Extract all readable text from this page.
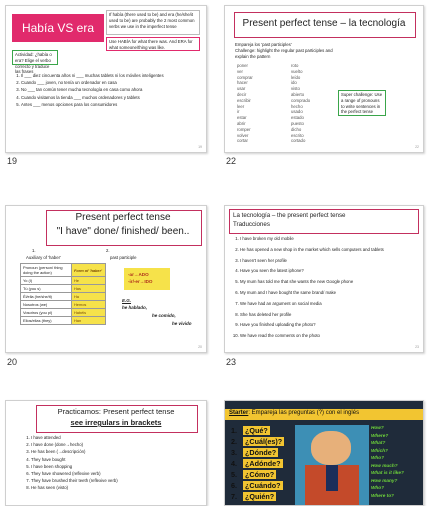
Había VS era
If había (there used to be) and era (he/she/it used to be) are probably the 2 most common verbs we use in the imperfect tense
Use HABÍA for what there was. And ERA for what someone/thing was like.
Actividad: ¿había o era? Elige el verbo correcto y traduce las frases
1. Il ___ diez cincuenta años ni ___ muchas tablets ni los móviles inteligentes
2. Cuando ___ joven, no tenía un ordenador en casa
3. No ___ tan común tener mucha tecnología en casa como ahora
4. Cuando visitamos la tienda ___ muchos ordenadores y tablets
5. Antes ___ menos opciones para los consumidores
19
19
Present perfect tense – la tecnología
Empareja los 'past participles'
Challenge: highlight the regular past participles and explain the pattern
poner
ver
comprar
hacer
usar
decir
escribir
leer
ir
estar
abrir
romper
volver
cortar
roto
vuelto
leído
ido
visto
abierto
comprado
hecho
usado
estado
puesto
dicho
escrito
cortado
Super challenge: Use a range of pronouns to write sentences in the perfect tense
22
22
Present perfect tense
"I have" done/ finished/ been..
1.	2.
Auxiliary of 'haber'	past participle
Pronoun (person/ thing doing the action)	Form of 'haber'
Yo (I)	He
Tú (you s)	Has
Él/ella (he/she/it)	Ha
Nosotros (we)	Hemos
Vosotros (you pl)	Habéis
Ellos/ellas (they)	Han
-ar→ADO
-ir/-er→IDO
E.G.
he hablado,
he comido,
he vivido
20
20
La tecnología – the present perfect tense
Traducciones
1. I have broken my old mobile
2. He has opened a new shop in the market which sells computers and tablets
3. I haven't seen her profile
4. Have you seen the latest iphone?
5. My mum has told me that she wants the new Google phone
6. My mum and I have bought the same brand/ make
7. We have had an argument on social media
8. She has deleted her profile
9. Have you finished uploading the photo?
10. We have read the comments on the photo
23
23
Practicamos: Present perfect tense
see irregulars in brackets
1. I have attended
2. I have done (done→hecho)
3. He has been (→descripción)
4. They have bought
5. I have been shopping
6. They have showered (reflexive verb)
7. They have brushed their teeth (reflexive verb)
8. He has seen (visto)
Starter: Empareja las preguntas (?) con el inglés
1. ¿Qué?
2. ¿Cuál(es)?
3. ¿Dónde?
4. ¿Adónde?
5. ¿Cómo?
6. ¿Cuándo?
7. ¿Quién?
How?
Where?
What?
Which?
Who?
How much?
What is it like?
How many?
Who?
Where to?
